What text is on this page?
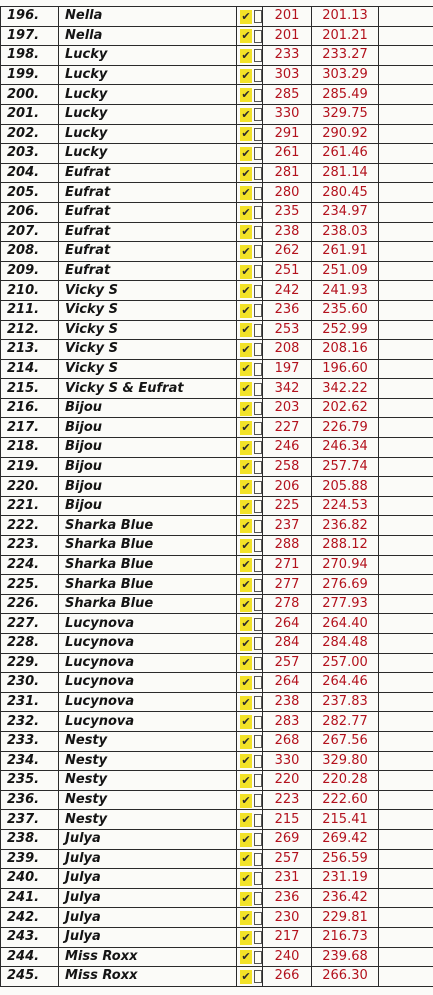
196.	Nella	✔	201	201.13	
197.	Nella	✔	201	201.21	
198.	Lucky	✔	233	233.27	
199.	Lucky	✔	303	303.29	
200.	Lucky	✔	285	285.49	
201.	Lucky	✔	330	329.75	
202.	Lucky	✔	291	290.92	
203.	Lucky	✔	261	261.46	
204.	Eufrat	✔	281	281.14	
205.	Eufrat	✔	280	280.45	
206.	Eufrat	✔	235	234.97	
207.	Eufrat	✔	238	238.03	
208.	Eufrat	✔	262	261.91	
209.	Eufrat	✔	251	251.09	
210.	Vicky S	✔	242	241.93	
211.	Vicky S	✔	236	235.60	
212.	Vicky S	✔	253	252.99	
213.	Vicky S	✔	208	208.16	
214.	Vicky S	✔	197	196.60	
215.	Vicky S & Eufrat	✔	342	342.22	
216.	Bijou	✔	203	202.62	
217.	Bijou	✔	227	226.79	
218.	Bijou	✔	246	246.34	
219.	Bijou	✔	258	257.74	
220.	Bijou	✔	206	205.88	
221.	Bijou	✔	225	224.53	
222.	Sharka Blue	✔	237	236.82	
223.	Sharka Blue	✔	288	288.12	
224.	Sharka Blue	✔	271	270.94	
225.	Sharka Blue	✔	277	276.69	
226.	Sharka Blue	✔	278	277.93	
227.	Lucynova	✔	264	264.40	
228.	Lucynova	✔	284	284.48	
229.	Lucynova	✔	257	257.00	
230.	Lucynova	✔	264	264.46	
231.	Lucynova	✔	238	237.83	
232.	Lucynova	✔	283	282.77	
233.	Nesty	✔	268	267.56	
234.	Nesty	✔	330	329.80	
235.	Nesty	✔	220	220.28	
236.	Nesty	✔	223	222.60	
237.	Nesty	✔	215	215.41	
238.	Julya	✔	269	269.42	
239.	Julya	✔	257	256.59	
240.	Julya	✔	231	231.19	
241.	Julya	✔	236	236.42	
242.	Julya	✔	230	229.81	
243.	Julya	✔	217	216.73	
244.	Miss Roxx	✔	240	239.68	
245.	Miss Roxx	✔	266	266.30	
